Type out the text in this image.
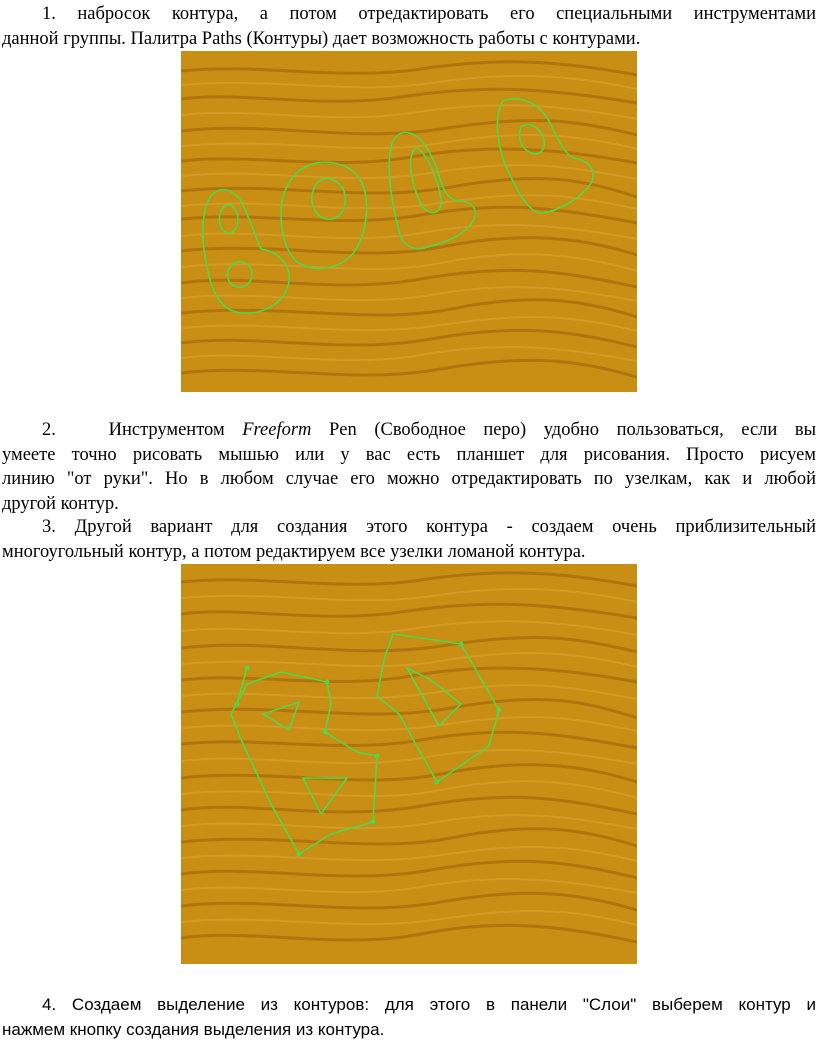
1. набросок контура, а потом отредактировать его специальными инструментами
данной группы. Палитра Paths (Контуры) дает возможность работы с контурами.
2.	Инструментом Freeform Pen (Свободное перо) удобно пользоваться, если вы
умеете точно рисовать мышью или у вас есть планшет для рисования. Просто рисуем
линию "от руки". Но в любом случае его можно отредактировать по узелкам, как и любой
другой контур.
3. Другой вариант для создания этого контура - создаем очень приблизительный
многоугольный контур, а потом редактируем все узелки ломаной контура.
4. Создаем выделение из контуров: для этого в панели "Слои" выберем контур и
нажмем кнопку создания выделения из контура.
